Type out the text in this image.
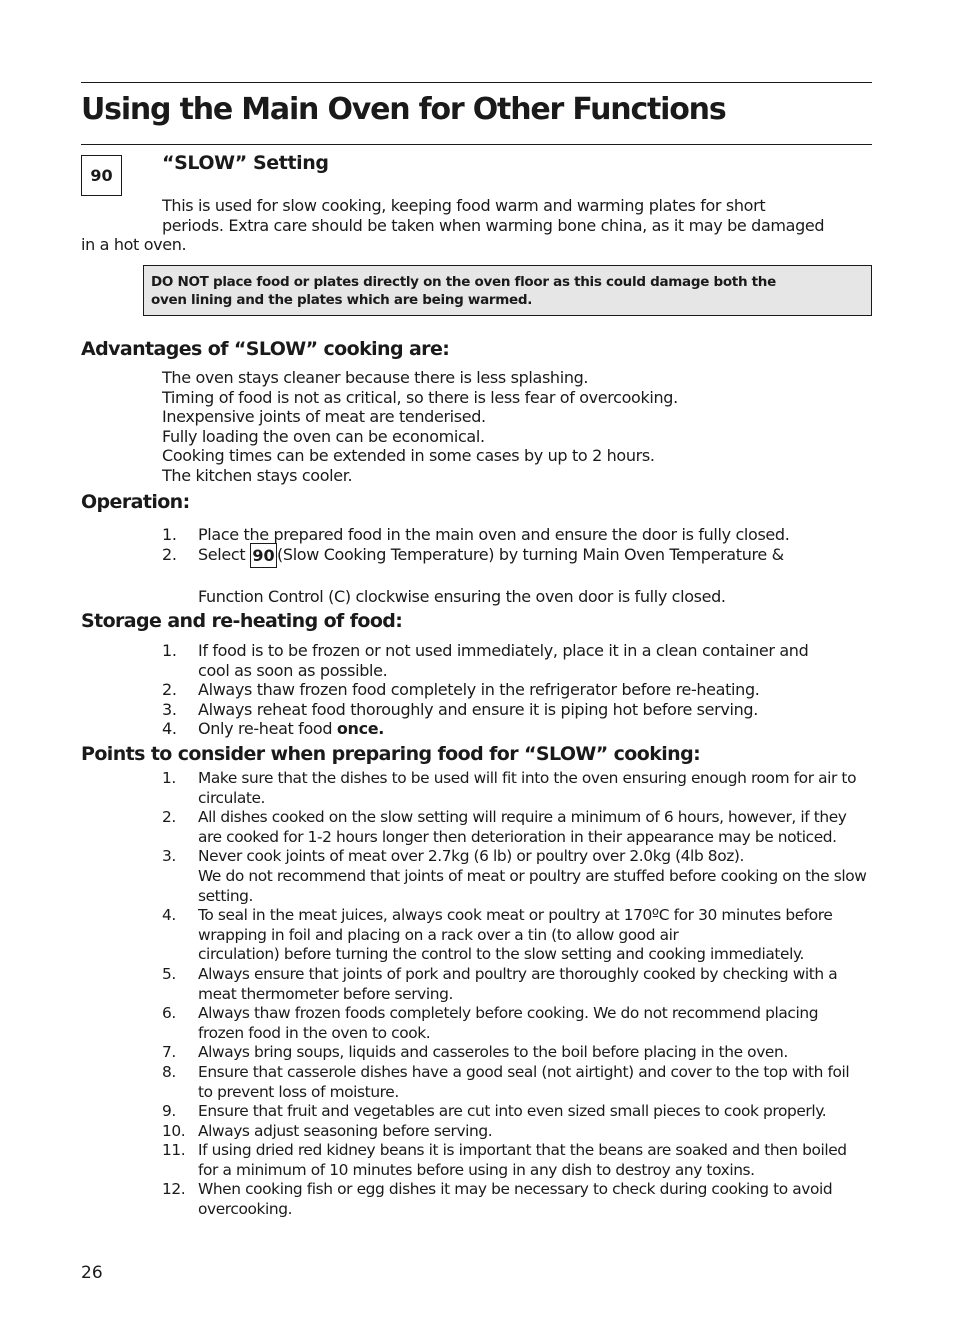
Using the Main Oven for Other Functions
90
“SLOW” Setting
This is used for slow cooking, keeping food warm and warming plates for short
periods. Extra care should be taken when warming bone china, as it may be damaged
in a hot oven.
DO NOT place food or plates directly on the oven floor as this could damage both the
oven lining and the plates which are being warmed.
Advantages of “SLOW” cooking are:
The oven stays cleaner because there is less splashing.
Timing of food is not as critical, so there is less fear of overcooking.
Inexpensive joints of meat are tenderised.
Fully loading the oven can be economical.
Cooking times can be extended in some cases by up to 2 hours.
The kitchen stays cooler.
Operation:
1.	Place the prepared food in the main oven and ensure the door is fully closed.
2.	Select 90 (Slow Cooking Temperature) by turning Main Oven Temperature &
Function Control (C) clockwise ensuring the oven door is fully closed.
Storage and re-heating of food:
1.	If food is to be frozen or not used immediately, place it in a clean container and cool as soon as possible.
2.	Always thaw frozen food completely in the refrigerator before re-heating.
3.	Always reheat food thoroughly and ensure it is piping hot before serving.
4.	Only re-heat food once.
Points to consider when preparing food for “SLOW” cooking:
1.	Make sure that the dishes to be used will fit into the oven ensuring enough room for air to circulate.
2.	All dishes cooked on the slow setting will require a minimum of 6 hours, however, if they are cooked for 1-2 hours longer then deterioration in their appearance may be noticed.
3.	Never cook joints of meat over 2.7kg (6 lb) or poultry over 2.0kg (4lb 8oz).
We do not recommend that joints of meat or poultry are stuffed before cooking on the slow setting.
4.	To seal in the meat juices, always cook meat or poultry at 170ºC for 30 minutes before wrapping in foil and placing on a rack over a tin (to allow good air
circulation) before turning the control to the slow setting and cooking immediately.
5.	Always ensure that joints of pork and poultry are thoroughly cooked by checking with a meat thermometer before serving.
6.	Always thaw frozen foods completely before cooking. We do not recommend placing frozen food in the oven to cook.
7.	Always bring soups, liquids and casseroles to the boil before placing in the oven.
8.	Ensure that casserole dishes have a good seal (not airtight) and cover to the top with foil to prevent loss of moisture.
9.	Ensure that fruit and vegetables are cut into even sized small pieces to cook properly.
10. Always adjust seasoning before serving.
11. If using dried red kidney beans it is important that the beans are soaked and then boiled for a minimum of 10 minutes before using in any dish to destroy any toxins.
12. When cooking fish or egg dishes it may be necessary to check during cooking to avoid overcooking.
26
